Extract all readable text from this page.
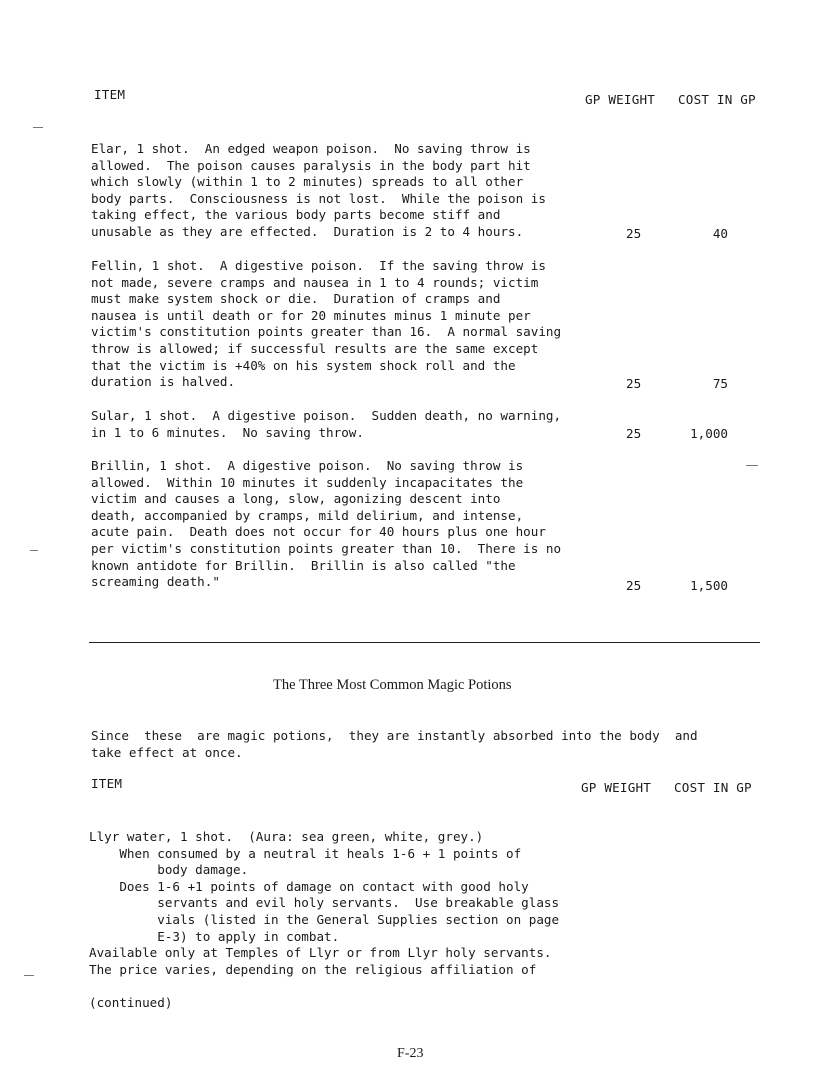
ITEM	GP WEIGHT COST IN GP
Elar, 1 shot.  An edged weapon poison.  No saving throw is
allowed.  The poison causes paralysis in the body part hit
which slowly (within 1 to 2 minutes) spreads to all other
body parts.  Consciousness is not lost.  While the poison is
taking effect, the various body parts become stiff and
unusable as they are effected.  Duration is 2 to 4 hours.	25	40
Fellin, 1 shot.  A digestive poison.  If the saving throw is
not made, severe cramps and nausea in 1 to 4 rounds; victim
must make system shock or die.  Duration of cramps and
nausea is until death or for 20 minutes minus 1 minute per
victim's constitution points greater than 16.  A normal saving
throw is allowed; if successful results are the same except
that the victim is +40% on his system shock roll and the
duration is halved.	25	75
Sular, 1 shot.  A digestive poison.  Sudden death, no warning,
in 1 to 6 minutes.  No saving throw.	25	1,000
Brillin, 1 shot.  A digestive poison.  No saving throw is
allowed.  Within 10 minutes it suddenly incapacitates the
victim and causes a long, slow, agonizing descent into
death, accompanied by cramps, mild delirium, and intense,
acute pain.  Death does not occur for 40 hours plus one hour
per victim's constitution points greater than 10.  There is no
known antidote for Brillin.  Brillin is also called "the
screaming death."	25	1,500
The Three Most Common Magic Potions
Since  these  are magic potions,  they are instantly absorbed into the body  and
take effect at once.
ITEM	GP WEIGHT COST IN GP
Llyr water, 1 shot.  (Aura: sea green, white, grey.)
When consumed by a neutral it heals 1-6 + 1 points of
body damage.
Does 1-6 +1 points of damage on contact with good holy
servants and evil holy servants.  Use breakable glass
vials (listed in the General Supplies section on page
E-3) to apply in combat.
Available only at Temples of Llyr or from Llyr holy servants.
The price varies, depending on the religious affiliation of
(continued)
F-23
